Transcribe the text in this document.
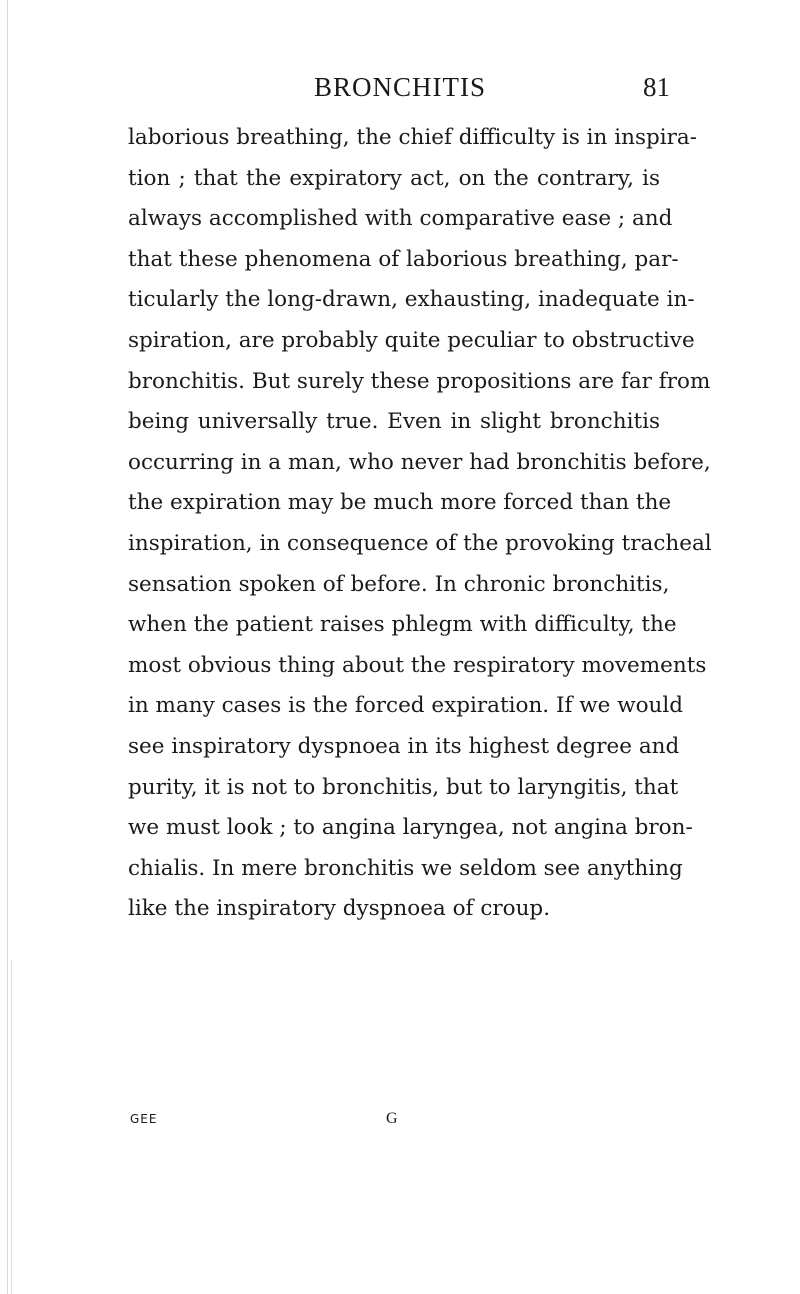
BRONCHITIS	81
laborious breathing, the chief difficulty is in inspira-
tion ; that the expiratory act, on the contrary, is
always accomplished with comparative ease ; and
that these phenomena of laborious breathing, par-
ticularly the long-drawn, exhausting, inadequate in-
spiration, are probably quite peculiar to obstructive
bronchitis. But surely these propositions are far from
being universally true. Even in slight bronchitis
occurring in a man, who never had bronchitis before,
the expiration may be much more forced than the
inspiration, in consequence of the provoking tracheal
sensation spoken of before. In chronic bronchitis,
when the patient raises phlegm with difficulty, the
most obvious thing about the respiratory movements
in many cases is the forced expiration. If we would
see inspiratory dyspnoea in its highest degree and
purity, it is not to bronchitis, but to laryngitis, that
we must look ; to angina laryngea, not angina bron-
chialis. In mere bronchitis we seldom see anything
like the inspiratory dyspnoea of croup.
GEE	G
